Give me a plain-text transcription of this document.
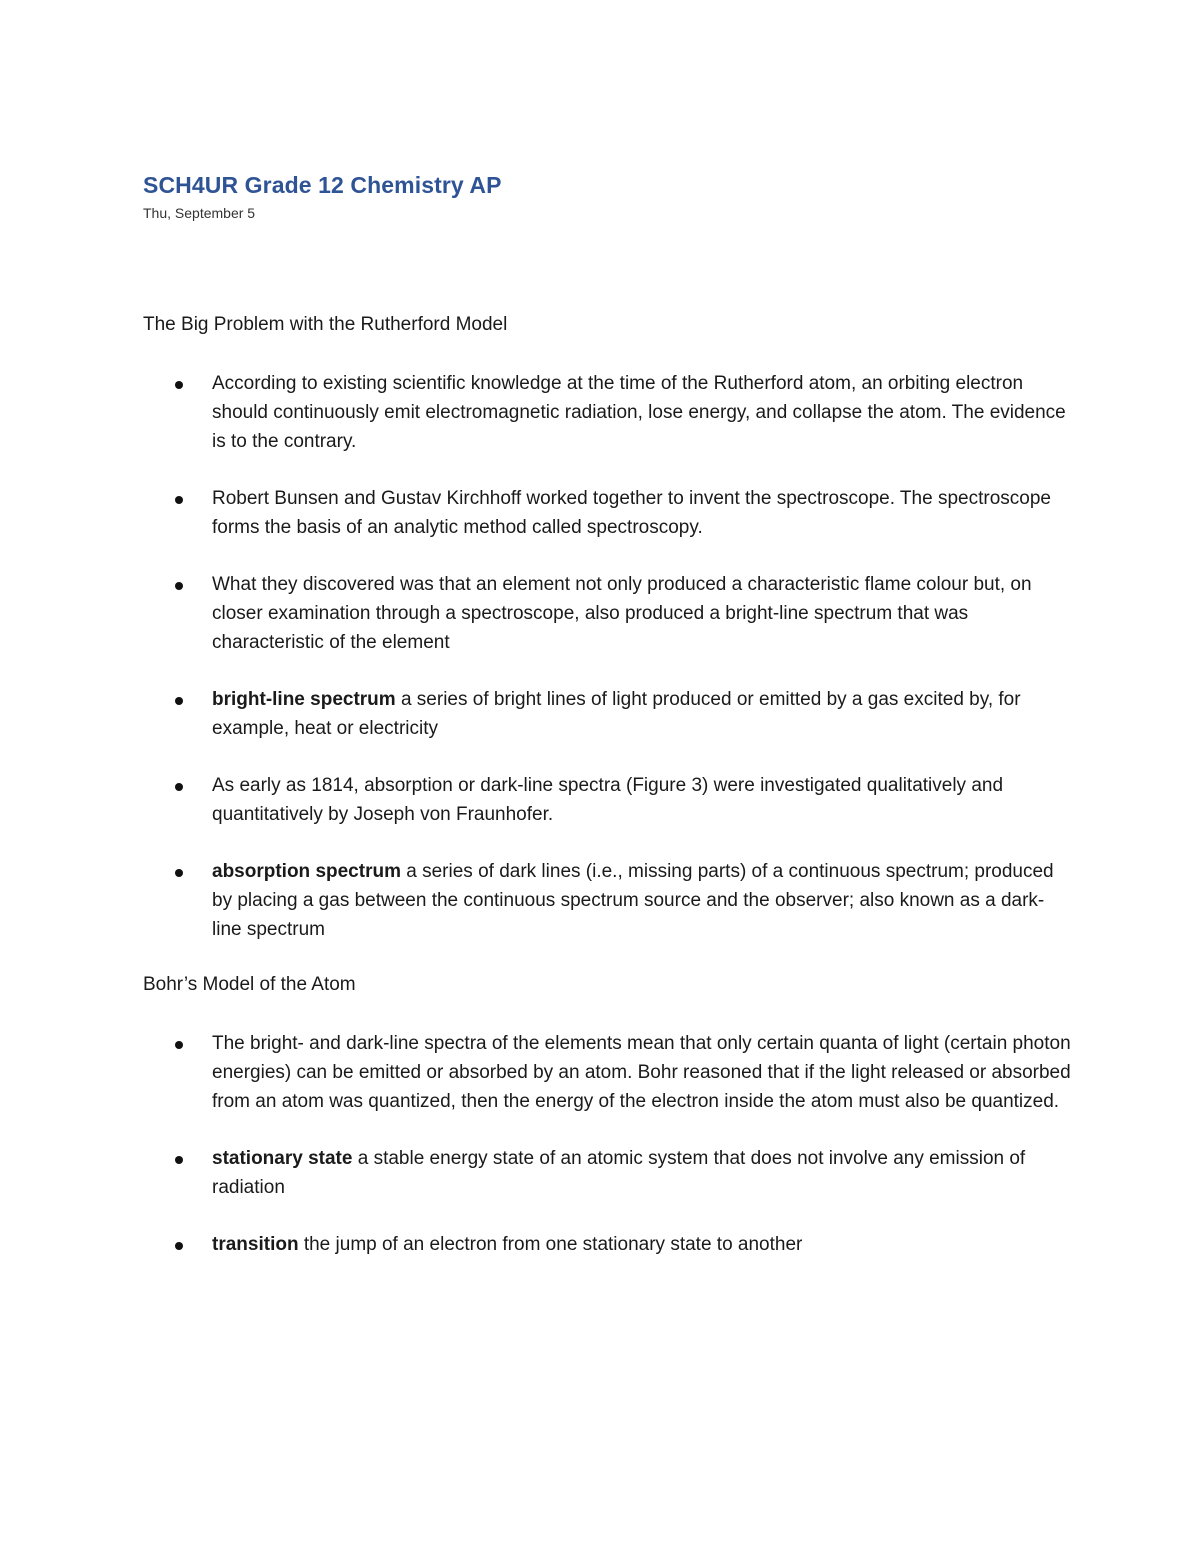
SCH4UR Grade 12 Chemistry AP
Thu, September 5
The Big Problem with the Rutherford Model
According to existing scientific knowledge at the time of the Rutherford atom, an orbiting electron should continuously emit electromagnetic radiation, lose energy, and collapse the atom. The evidence is to the contrary.
Robert Bunsen and Gustav Kirchhoff worked together to invent the spectroscope. The spectroscope forms the basis of an analytic method called spectroscopy.
What they discovered was that an element not only produced a characteristic flame colour but, on closer examination through a spectroscope, also produced a bright-line spectrum that was characteristic of the element
bright-line spectrum a series of bright lines of light produced or emitted by a gas excited by, for example, heat or electricity
As early as 1814, absorption or dark-line spectra (Figure 3) were investigated qualitatively and quantitatively by Joseph von Fraunhofer.
absorption spectrum a series of dark lines (i.e., missing parts) of a continuous spectrum; produced by placing a gas between the continuous spectrum source and the observer; also known as a dark-line spectrum
Bohr’s Model of the Atom
The bright- and dark-line spectra of the elements mean that only certain quanta of light (certain photon energies) can be emitted or absorbed by an atom. Bohr reasoned that if the light released or absorbed from an atom was quantized, then the energy of the electron inside the atom must also be quantized.
stationary state a stable energy state of an atomic system that does not involve any emission of radiation
transition the jump of an electron from one stationary state to another
